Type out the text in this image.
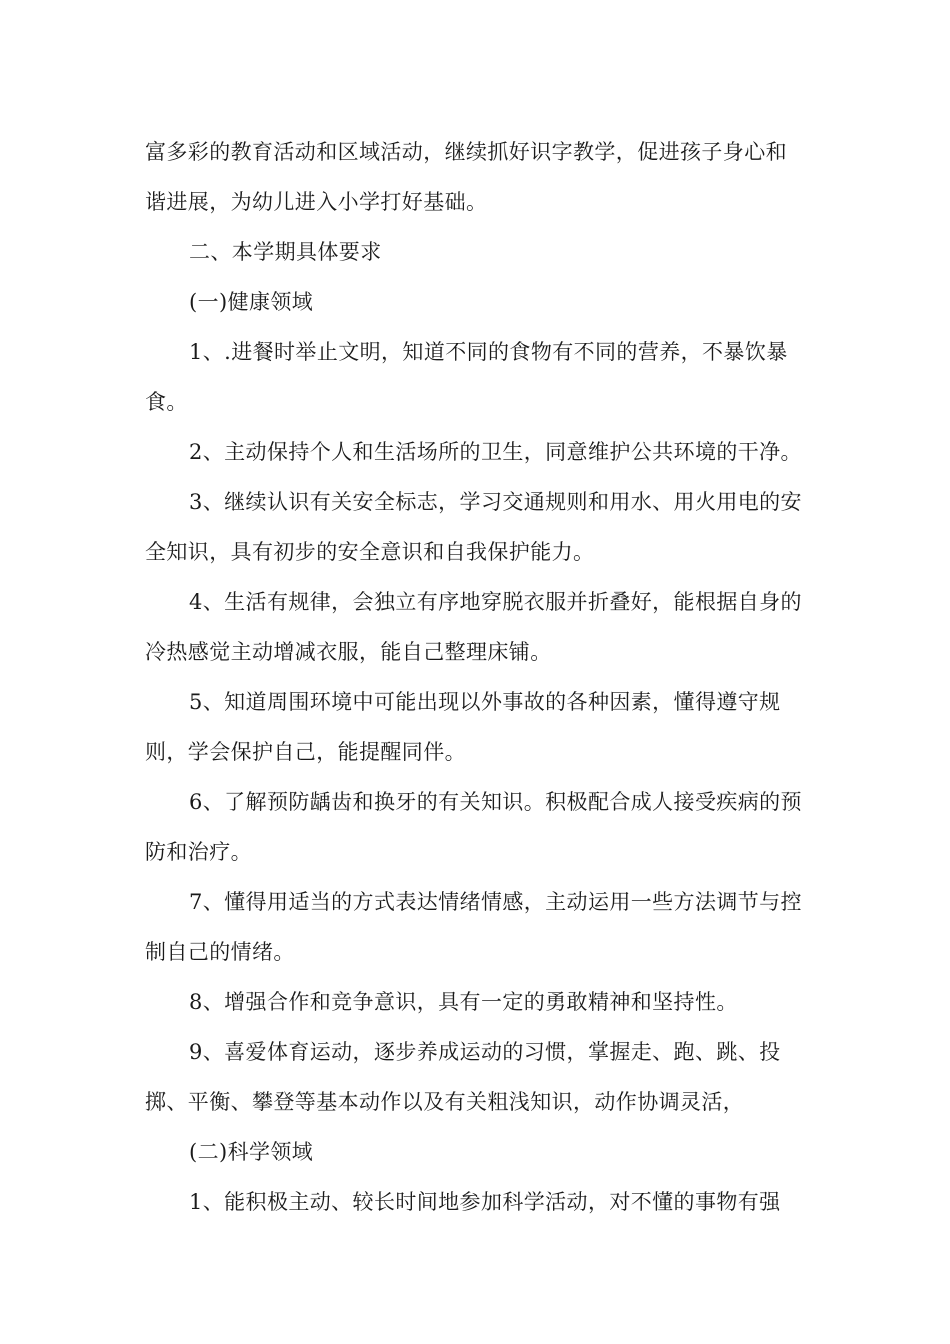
富多彩的教育活动和区域活动，继续抓好识字教学，促进孩子身心和谐进展，为幼儿进入小学打好基础。

二、本学期具体要求

(一)健康领域

1、.进餐时举止文明，知道不同的食物有不同的营养，不暴饮暴食。

2、主动保持个人和生活场所的卫生，同意维护公共环境的干净。

3、继续认识有关安全标志，学习交通规则和用水、用火用电的安全知识，具有初步的安全意识和自我保护能力。

4、生活有规律，会独立有序地穿脱衣服并折叠好，能根据自身的冷热感觉主动增减衣服，能自己整理床铺。

5、知道周围环境中可能出现以外事故的各种因素，懂得遵守规则，学会保护自己，能提醒同伴。

6、了解预防龋齿和换牙的有关知识。积极配合成人接受疾病的预防和治疗。

7、懂得用适当的方式表达情绪情感，主动运用一些方法调节与控制自己的情绪。

8、增强合作和竞争意识，具有一定的勇敢精神和坚持性。

9、喜爱体育运动，逐步养成运动的习惯，掌握走、跑、跳、投掷、平衡、攀登等基本动作以及有关粗浅知识，动作协调灵活，

(二)科学领域

1、能积极主动、较长时间地参加科学活动，对不懂的事物有强
